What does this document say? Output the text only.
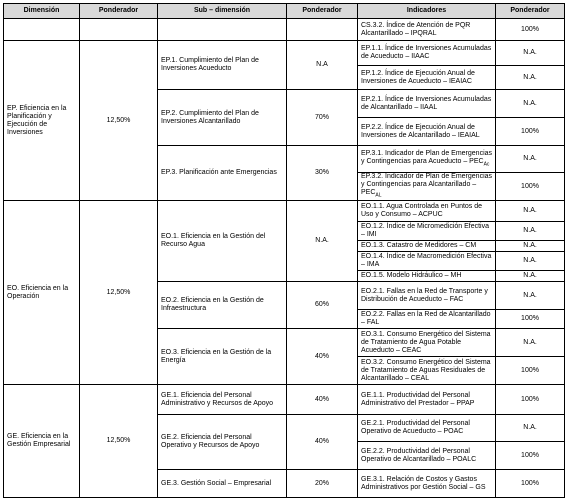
Dimensión	Ponderador	Sub – dimensión	Ponderador	Indicadores	Ponderador
				CS.3.2. Índice de Atención de PQR Alcantarillado – IPQRAL	100%
EP. Eficiencia en la Planificación y Ejecución de Inversiones	12,50%	EP.1. Cumplimiento del Plan de Inversiones Acueducto	N.A	EP.1.1. Índice de Inversiones Acumuladas de Acueducto – IIAAC	N.A.
				EP.1.2. Índice de Ejecución Anual de Inversiones de Acueducto – IEAIAC	N.A.
		EP.2. Cumplimiento del Plan de Inversiones Alcantarillado	70%	EP.2.1. Índice de Inversiones Acumuladas de Alcantarillado – IIAAL	N.A.
				EP.2.2. Índice de Ejecución Anual de Inversiones de Alcantarillado – IEAIAL	100%
		EP.3. Planificación ante Emergencias	30%	EP.3.1. Indicador de Plan de Emergencias y Contingencias para Acueducto – $PEC_{Ac}$	N.A.
				EP.3.2. Indicador de Plan de Emergencias y Contingencias para Alcantarillado – $PEC_{AL}$	100%
EO. Eficiencia en la Operación	12,50%	EO.1. Eficiencia en la Gestión del Recurso Agua	N.A.	EO.1.1. Agua Controlada en Puntos de Uso y Consumo – ACPUC	N.A.
				EO.1.2. Índice de Micromedición Efectiva – IMI	N.A.
				EO.1.3. Catastro de Medidores – CM	N.A.
				EO.1.4. Índice de Macromedición Efectiva – IMA	N.A.
				EO.1.5. Modelo Hidráulico – MH	N.A.
		EO.2. Eficiencia en la Gestión de Infraestructura	60%	EO.2.1. Fallas en la Red de Transporte y Distribución de Acueducto – FAC	N.A.
				EO.2.2. Fallas en la Red de Alcantarillado – FAL	100%
		EO.3. Eficiencia en la Gestión de la Energía	40%	EO.3.1. Consumo Energético del Sistema de Tratamiento de Agua Potable Acueducto – CEAC	N.A.
				EO.3.2. Consumo Energético del Sistema de Tratamiento de Aguas Residuales de Alcantarillado – CEAL	100%
GE. Eficiencia en la Gestión Empresarial	12,50%	GE.1. Eficiencia del Personal Administrativo y Recursos de Apoyo	40%	GE.1.1. Productividad del Personal Administrativo del Prestador – PPAP	100%
		GE.2. Eficiencia del Personal Operativo y Recursos de Apoyo	40%	GE.2.1. Productividad del Personal Operativo de Acueducto – POAC	N.A.
				GE.2.2. Productividad del Personal Operativo de Alcantarillado – POALC	100%
		GE.3. Gestión Social – Empresarial	20%	GE.3.1. Relación de Costos y Gastos Administrativos por Gestión Social – GS	100%
